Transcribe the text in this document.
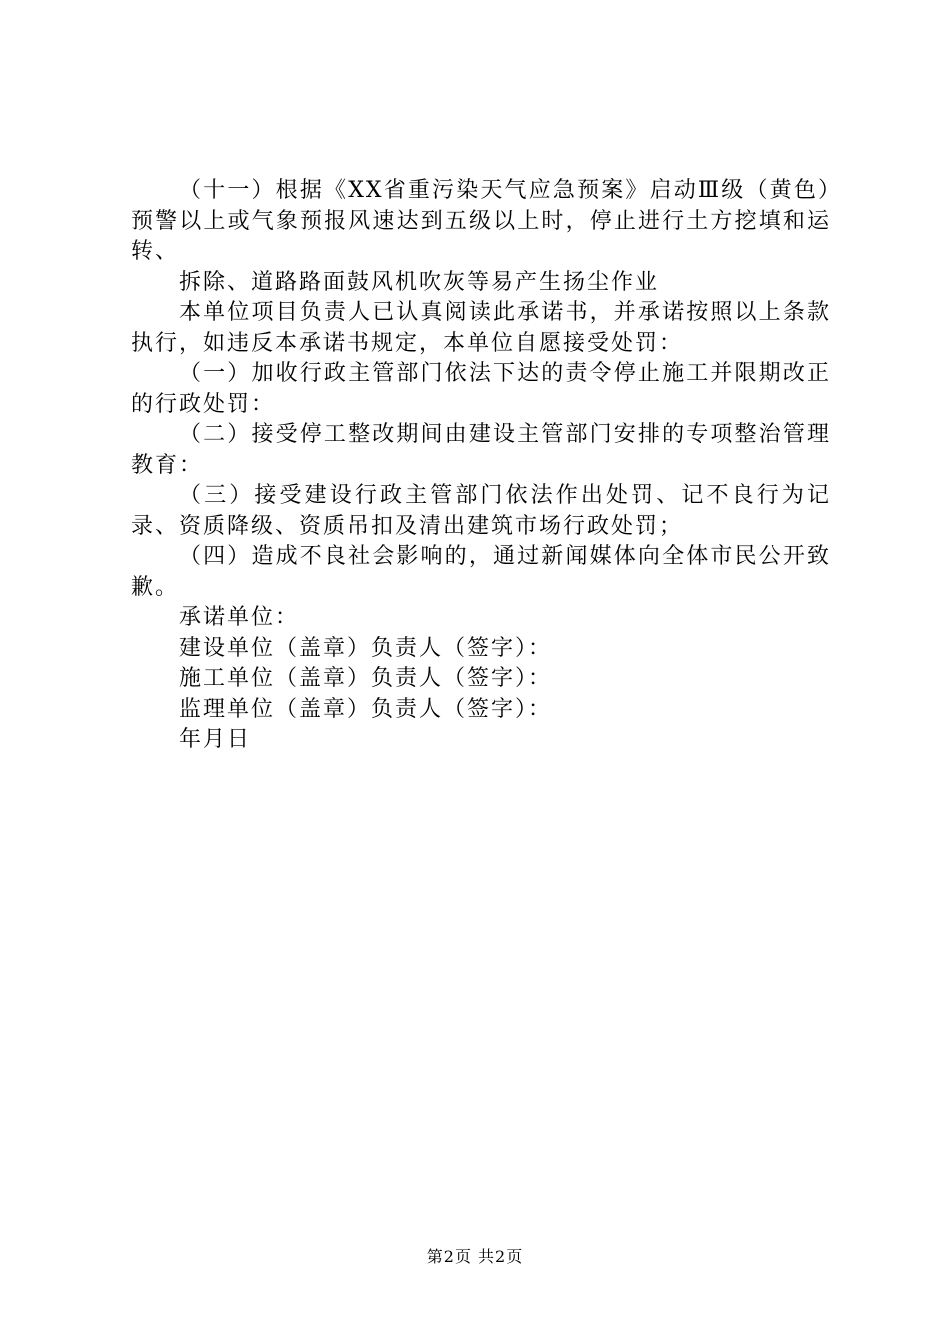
（十一）根据《XX省重污染天气应急预案》启动Ⅲ级（黄色）预警以上或气象预报风速达到五级以上时，停止进行土方挖填和运转、

拆除、道路路面鼓风机吹灰等易产生扬尘作业

本单位项目负责人已认真阅读此承诺书，并承诺按照以上条款执行，如违反本承诺书规定，本单位自愿接受处罚：

（一）加收行政主管部门依法下达的责令停止施工并限期改正的行政处罚：

（二）接受停工整改期间由建设主管部门安排的专项整治管理教育：

（三）接受建设行政主管部门依法作出处罚、记不良行为记录、资质降级、资质吊扣及清出建筑市场行政处罚；

（四）造成不良社会影响的，通过新闻媒体向全体市民公开致歉。

承诺单位：

建设单位（盖章）负责人（签字）：

施工单位（盖章）负责人（签字）：

监理单位（盖章）负责人（签字）：

年月日

第2页 共2页
